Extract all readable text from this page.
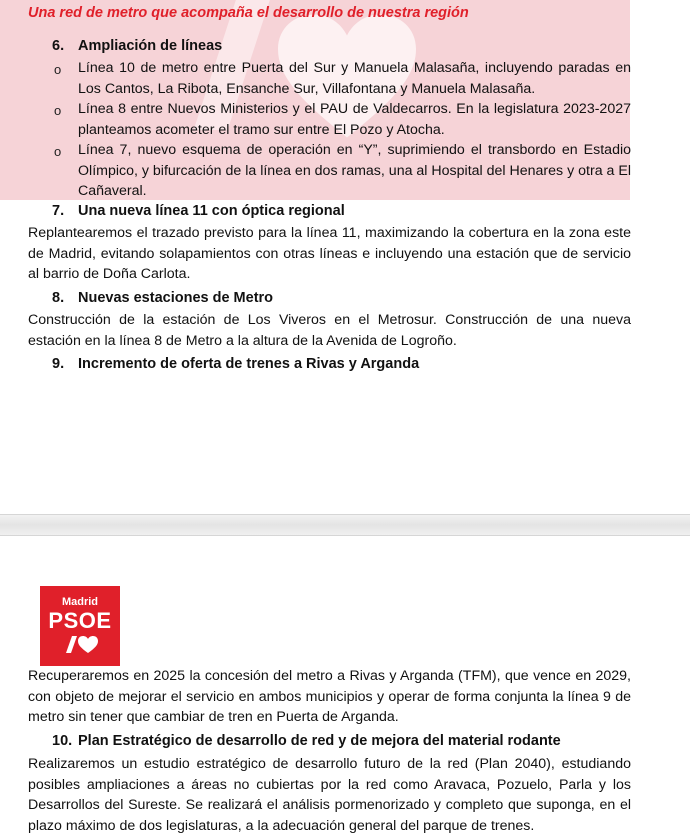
Una red de metro que acompaña el desarrollo de nuestra región

6. Ampliación de líneas

o Línea 10 de metro entre Puerta del Sur y Manuela Malasaña, incluyendo paradas en Los Cantos, La Ribota, Ensanche Sur, Villafontana y Manuela Malasaña.

o Línea 8 entre Nuevos Ministerios y el PAU de Valdecarros. En la legislatura 2023-2027 planteamos acometer el tramo sur entre El Pozo y Atocha.

o Línea 7, nuevo esquema de operación en “Y”, suprimiendo el transbordo en Estadio Olímpico, y bifurcación de la línea en dos ramas, una al Hospital del Henares y otra a El Cañaveral.

7. Una nueva línea 11 con óptica regional

Replantearemos el trazado previsto para la línea 11, maximizando la cobertura en la zona este de Madrid, evitando solapamientos con otras líneas e incluyendo una estación que de servicio al barrio de Doña Carlota.

8. Nuevas estaciones de Metro

Construcción de la estación de Los Viveros en el Metrosur. Construcción de una nueva estación en la línea 8 de Metro a la altura de la Avenida de Logroño.

9. Incremento de oferta de trenes a Rivas y Arganda

Madrid
PSOE

Recuperaremos en 2025 la concesión del metro a Rivas y Arganda (TFM), que vence en 2029, con objeto de mejorar el servicio en ambos municipios y operar de forma conjunta la línea 9 de metro sin tener que cambiar de tren en Puerta de Arganda.

10. Plan Estratégico de desarrollo de red y de mejora del material rodante

Realizaremos un estudio estratégico de desarrollo futuro de la red (Plan 2040), estudiando posibles ampliaciones a áreas no cubiertas por la red como Aravaca, Pozuelo, Parla y los Desarrollos del Sureste. Se realizará el análisis pormenorizado y completo que suponga, en el plazo máximo de dos legislaturas, a la adecuación general del parque de trenes.
